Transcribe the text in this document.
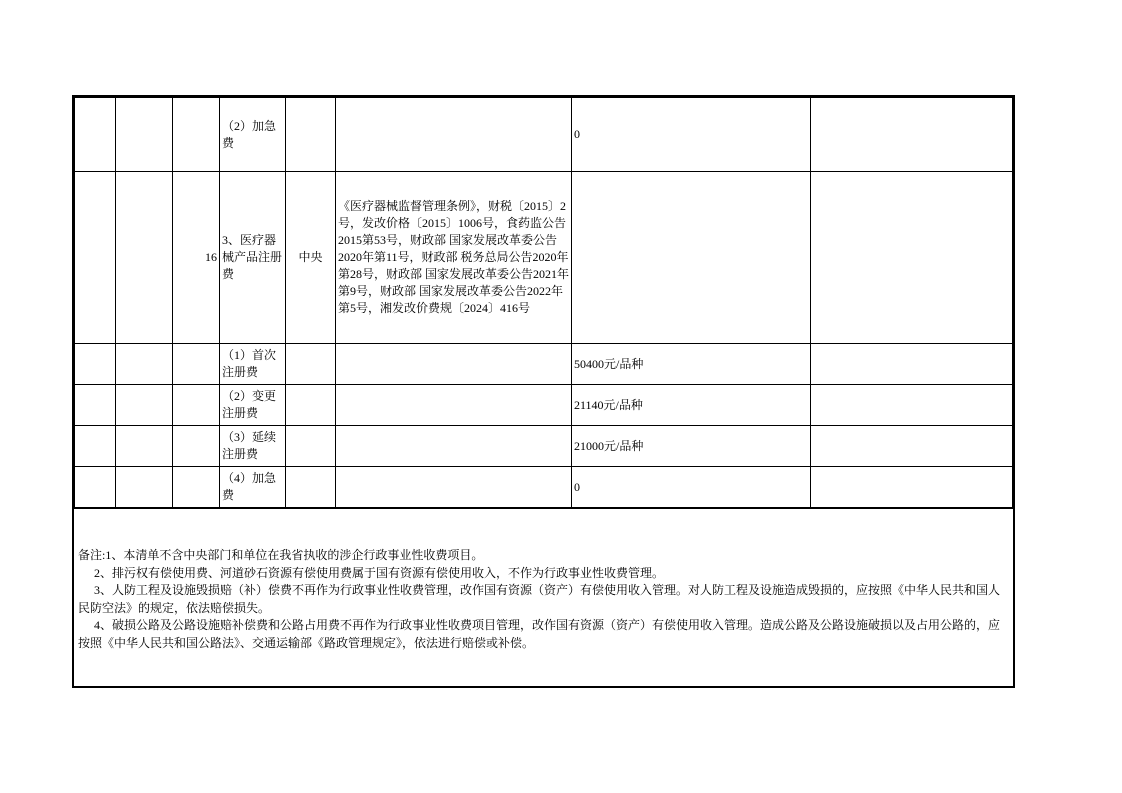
			（2）加急费			0	
		16	3、医疗器械产品注册费	中央	《医疗器械监督管理条例》，财税〔2015〕2号，发改价格〔2015〕1006号，食药监公告2015第53号，财政部 国家发展改革委公告2020年第11号，财政部 税务总局公告2020年第28号，财政部 国家发展改革委公告2021年第9号，财政部 国家发展改革委公告2022年第5号，湘发改价费规〔2024〕416号		
			（1）首次注册费			50400元/品种	
			（2）变更注册费			21140元/品种	
			（3）延续注册费			21000元/品种	
			（4）加急费			0	

备注:1、本清单不含中央部门和单位在我省执收的涉企行政事业性收费项目。

2、排污权有偿使用费、河道砂石资源有偿使用费属于国有资源有偿使用收入，不作为行政事业性收费管理。

3、人防工程及设施毁损赔（补）偿费不再作为行政事业性收费管理，改作国有资源（资产）有偿使用收入管理。对人防工程及设施造成毁损的，应按照《中华人民共和国人民防空法》的规定，依法赔偿损失。

4、破损公路及公路设施赔补偿费和公路占用费不再作为行政事业性收费项目管理，改作国有资源（资产）有偿使用收入管理。造成公路及公路设施破损以及占用公路的，应按照《中华人民共和国公路法》、交通运输部《路政管理规定》，依法进行赔偿或补偿。
